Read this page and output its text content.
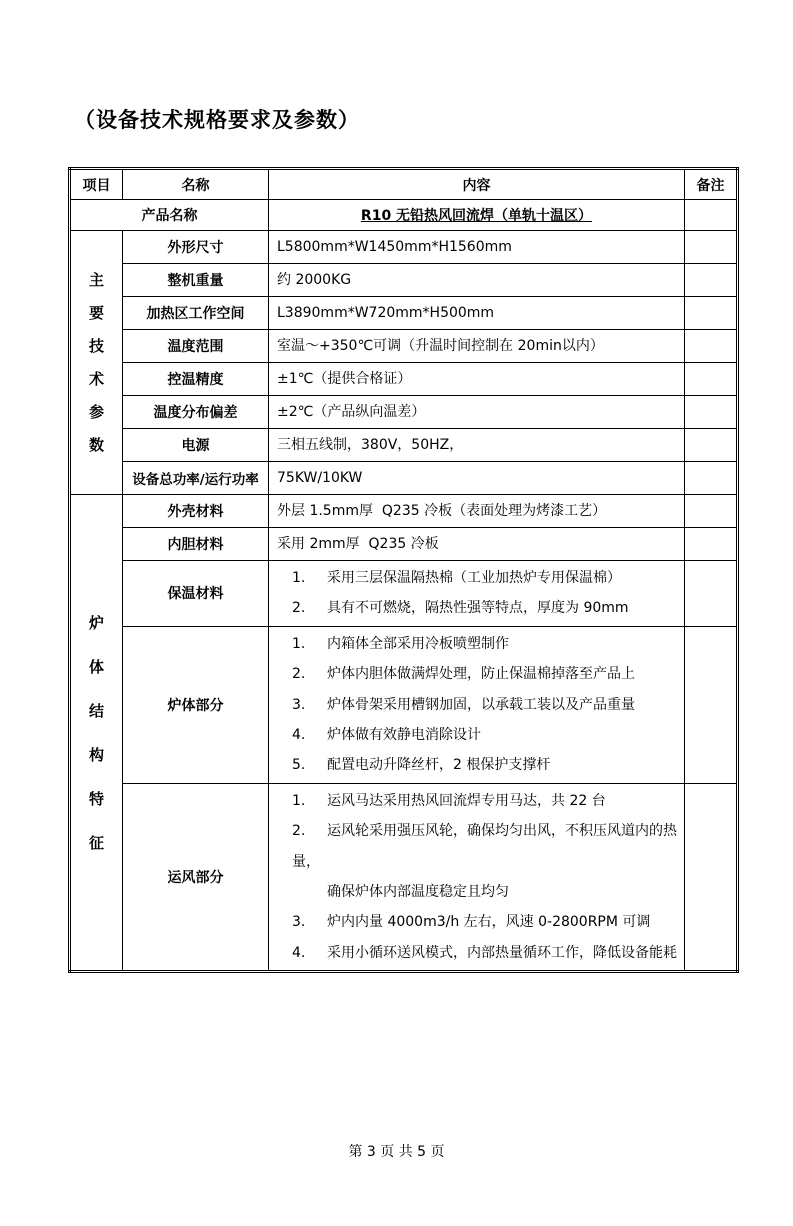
（设备技术规格要求及参数）
项目	名称	内容	备注
产品名称		R10 无铅热风回流焊（单轨十温区）	

主要技术参数	外形尺寸	L5800mm*W1450mm*H1560mm	

	整机重量	约 2000KG	

	加热区工作空间	L3890mm*W720mm*H500mm	

	温度范围	室温～+350℃可调（升温时间控制在 20min以内）	

	控温精度	±1℃（提供合格证）	

	温度分布偏差	±2℃（产品纵向温差）	

	电源	三相五线制，380V，50HZ，	

	设备总功率/运行功率	75KW/10KW	

炉体结构特征	外壳材料	外层 1.5mm厚  Q235 冷板（表面处理为烤漆工艺）	

	内胆材料	采用 2mm厚  Q235 冷板	

	保温材料	1. 采用三层保温隔热棉（工业加热炉专用保温棉）
2. 具有不可燃烧，隔热性强等特点，厚度为 90mm	

	炉体部分	1. 内箱体全部采用冷板喷塑制作
2. 炉体内胆体做满焊处理，防止保温棉掉落至产品上
3. 炉体骨架采用槽钢加固，以承载工装以及产品重量
4. 炉体做有效静电消除设计
5. 配置电动升降丝杆，2 根保护支撑杆	

	运风部分	1. 运风马达采用热风回流焊专用马达，共 22 台
2. 运风轮采用强压风轮，确保均匀出风，不积压风道内的热量，
确保炉体内部温度稳定且均匀
3. 炉内内量 4000m3/h 左右，风速 0-2800RPM 可调
4. 采用小循环送风模式，内部热量循环工作，降低设备能耗	

第 3 页 共 5 页
